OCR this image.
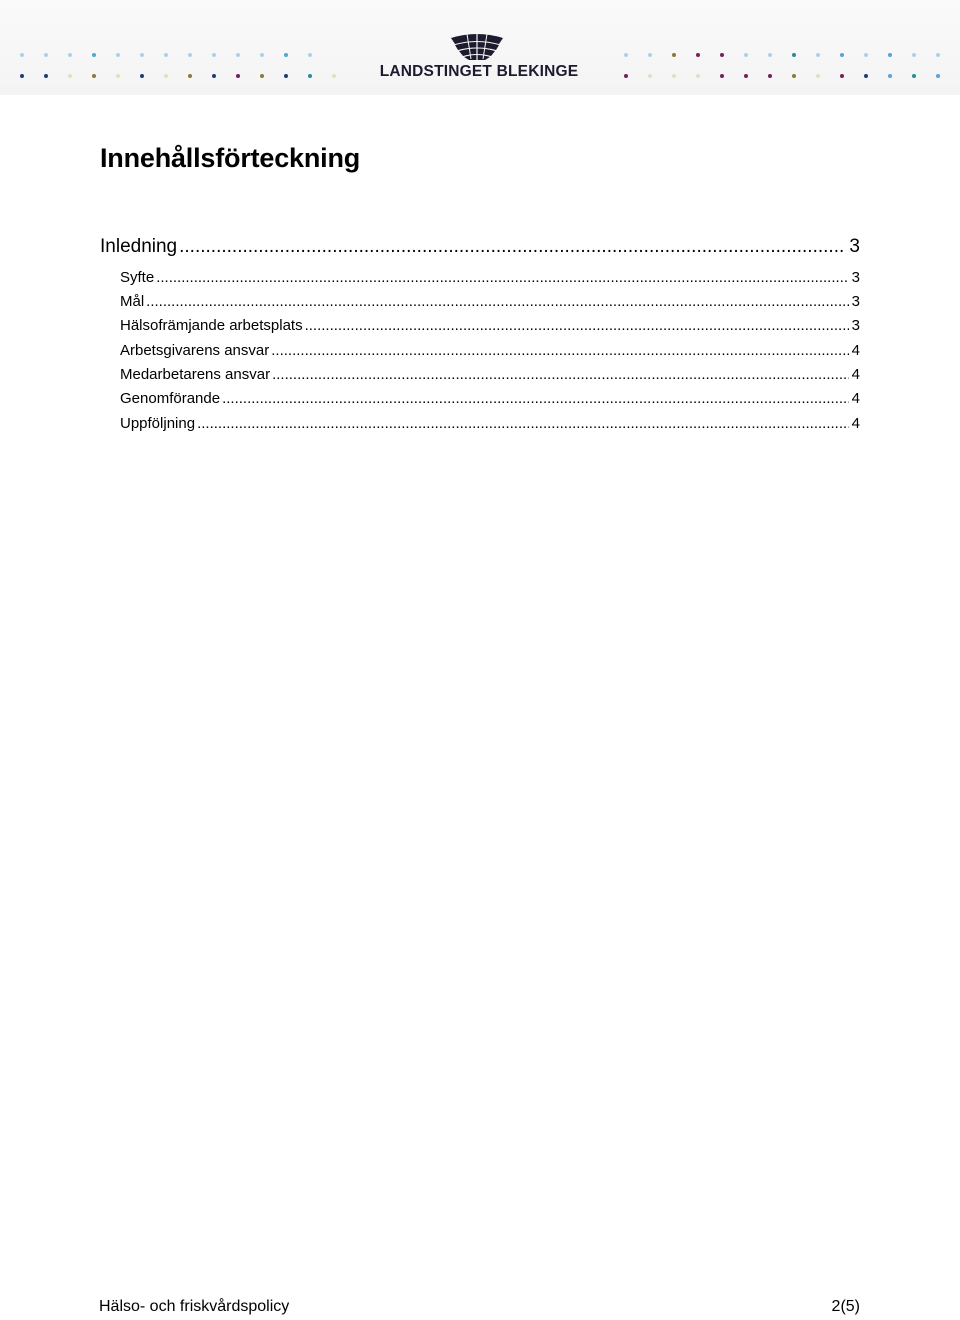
LANDSTINGET BLEKINGE
Innehållsförteckning
Inledning .....	3
Syfte .....	3
Mål .....	3
Hälsofrämjande arbetsplats .....	3
Arbetsgivarens ansvar .....	4
Medarbetarens ansvar .....	4
Genomförande .....	4
Uppföljning .....	4
Hälso- och friskvårdspolicy	2(5)
